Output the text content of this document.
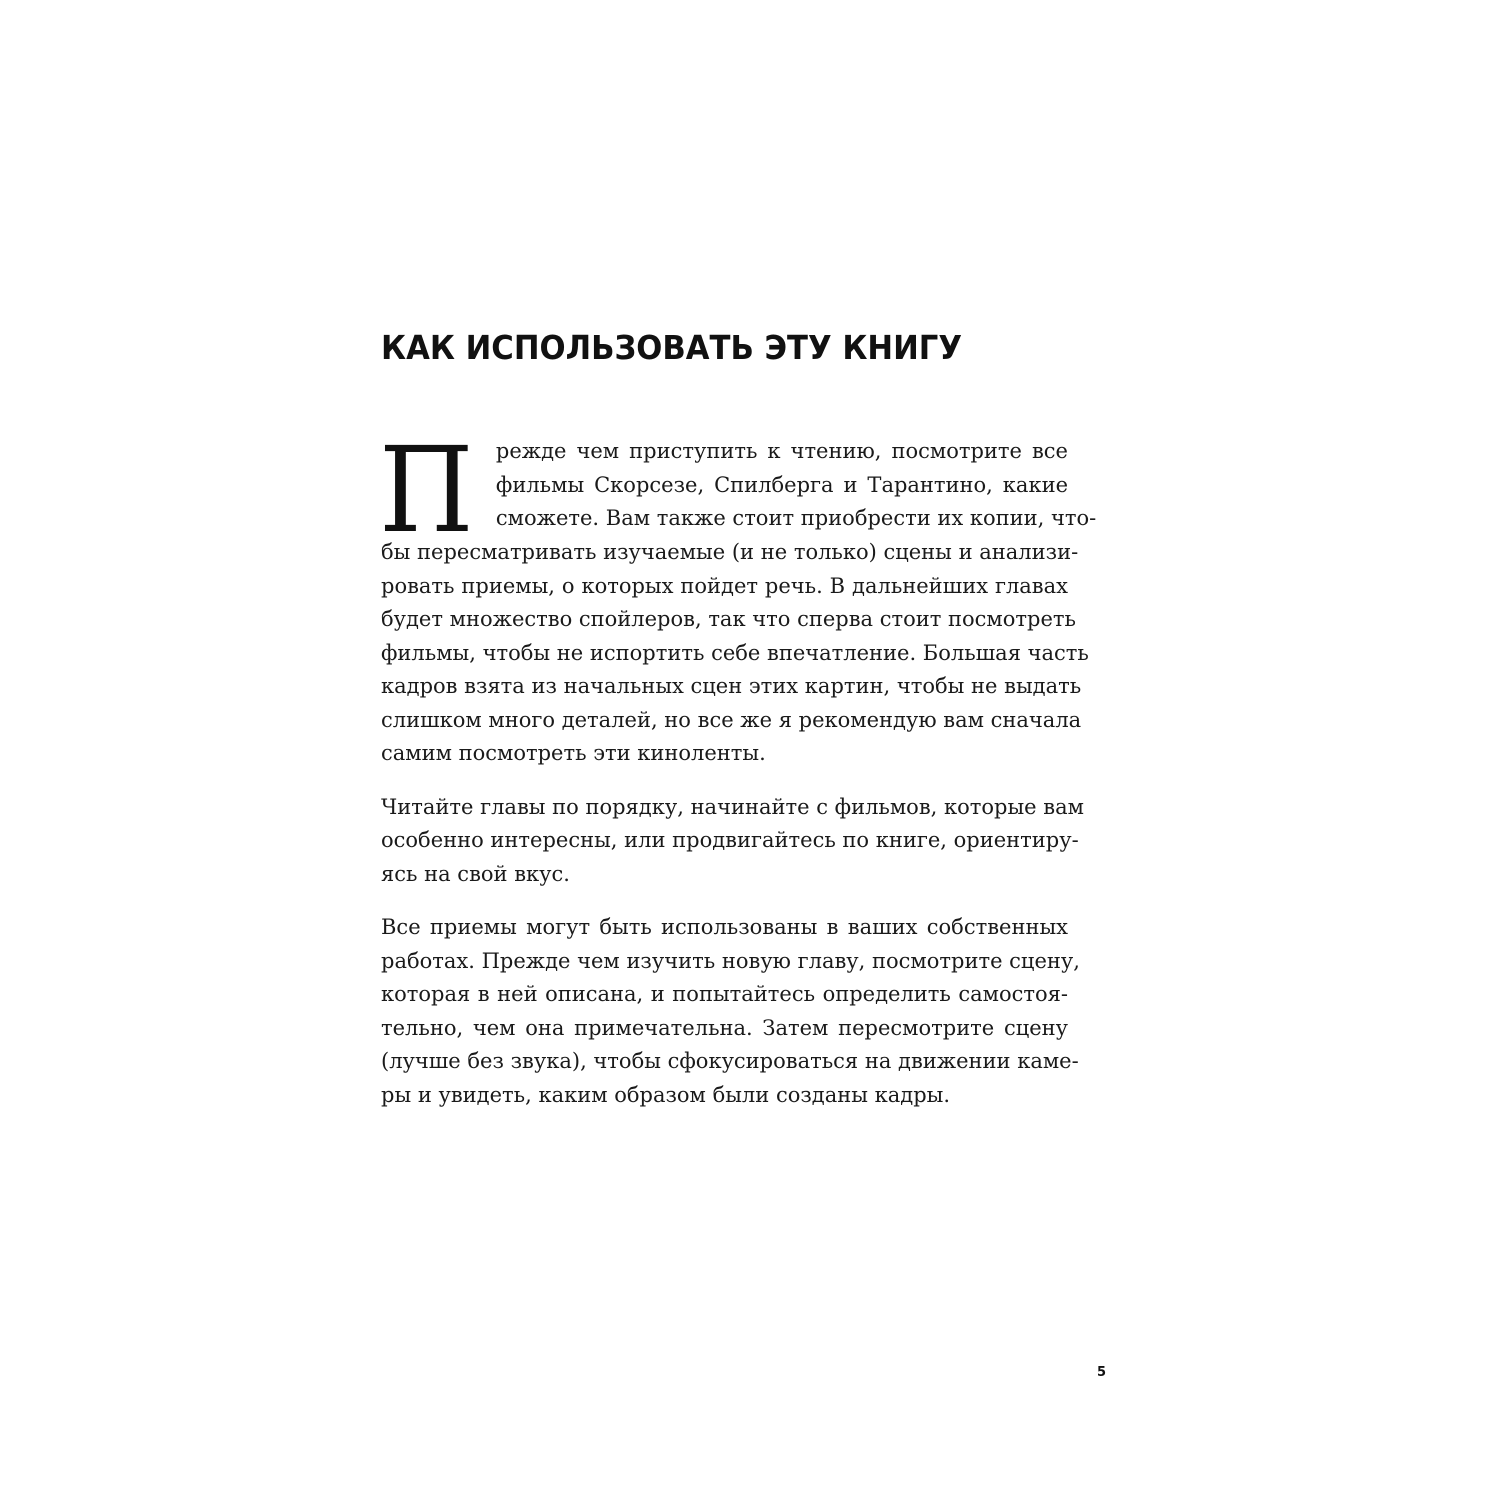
КАК ИСПОЛЬЗОВАТЬ ЭТУ КНИГУ
П	режде чем приступить к чтению, посмотрите все
фильмы Скорсезе, Спилберга и Тарантино, какие
сможете. Вам также стоит приобрести их копии, что-
бы пересматривать изучаемые (и не только) сцены и анализи-
ровать приемы, о которых пойдет речь. В дальнейших главах
будет множество спойлеров, так что сперва стоит посмотреть
фильмы, чтобы не испортить себе впечатление. Большая часть
кадров взята из начальных сцен этих картин, чтобы не выдать
слишком много деталей, но все же я рекомендую вам сначала
самим посмотреть эти киноленты.
Читайте главы по порядку, начинайте с фильмов, которые вам
особенно интересны, или продвигайтесь по книге, ориентиру-
ясь на свой вкус.
Все приемы могут быть использованы в ваших собственных
работах. Прежде чем изучить новую главу, посмотрите сцену,
которая в ней описана, и попытайтесь определить самостоя-
тельно, чем она примечательна. Затем пересмотрите сцену
(лучше без звука), чтобы сфокусироваться на движении каме-
ры и увидеть, каким образом были созданы кадры.
5
